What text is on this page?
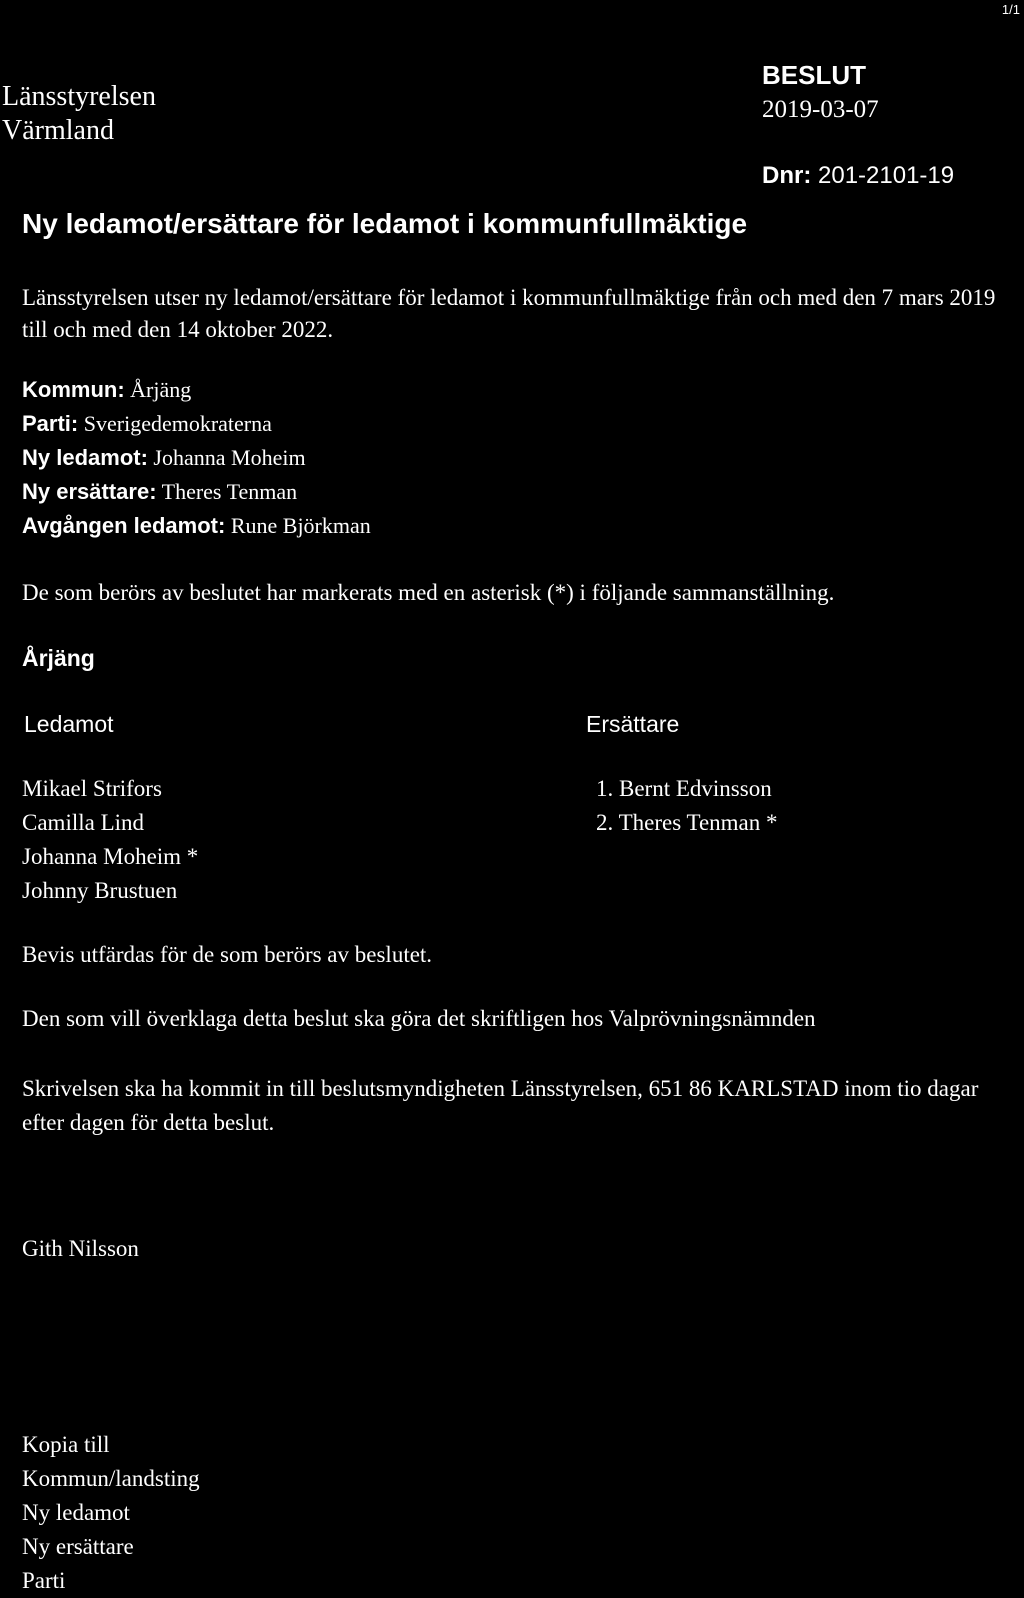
1/1
Länsstyrelsen
Värmland
BESLUT
2019-03-07
Dnr: 201-2101-19
Ny ledamot/ersättare för ledamot i kommunfullmäktige
Länsstyrelsen utser ny ledamot/ersättare för ledamot i kommunfullmäktige från och med den 7 mars 2019 till och med den 14 oktober 2022.
Kommun: Årjäng
Parti: Sverigedemokraterna
Ny ledamot: Johanna Moheim
Ny ersättare: Theres Tenman
Avgången ledamot: Rune Björkman
De som berörs av beslutet har markerats med en asterisk (*) i följande sammanställning.
Årjäng
Ledamot	Ersättare
Mikael Strifors
Camilla Lind
Johanna Moheim *
Johnny Brustuen
1. Bernt Edvinsson
2. Theres Tenman *
Bevis utfärdas för de som berörs av beslutet.
Den som vill överklaga detta beslut ska göra det skriftligen hos Valprövningsnämnden
Skrivelsen ska ha kommit in till beslutsmyndigheten Länsstyrelsen, 651 86 KARLSTAD inom tio dagar efter dagen för detta beslut.
Gith Nilsson
Kopia till
Kommun/landsting
Ny ledamot
Ny ersättare
Parti
